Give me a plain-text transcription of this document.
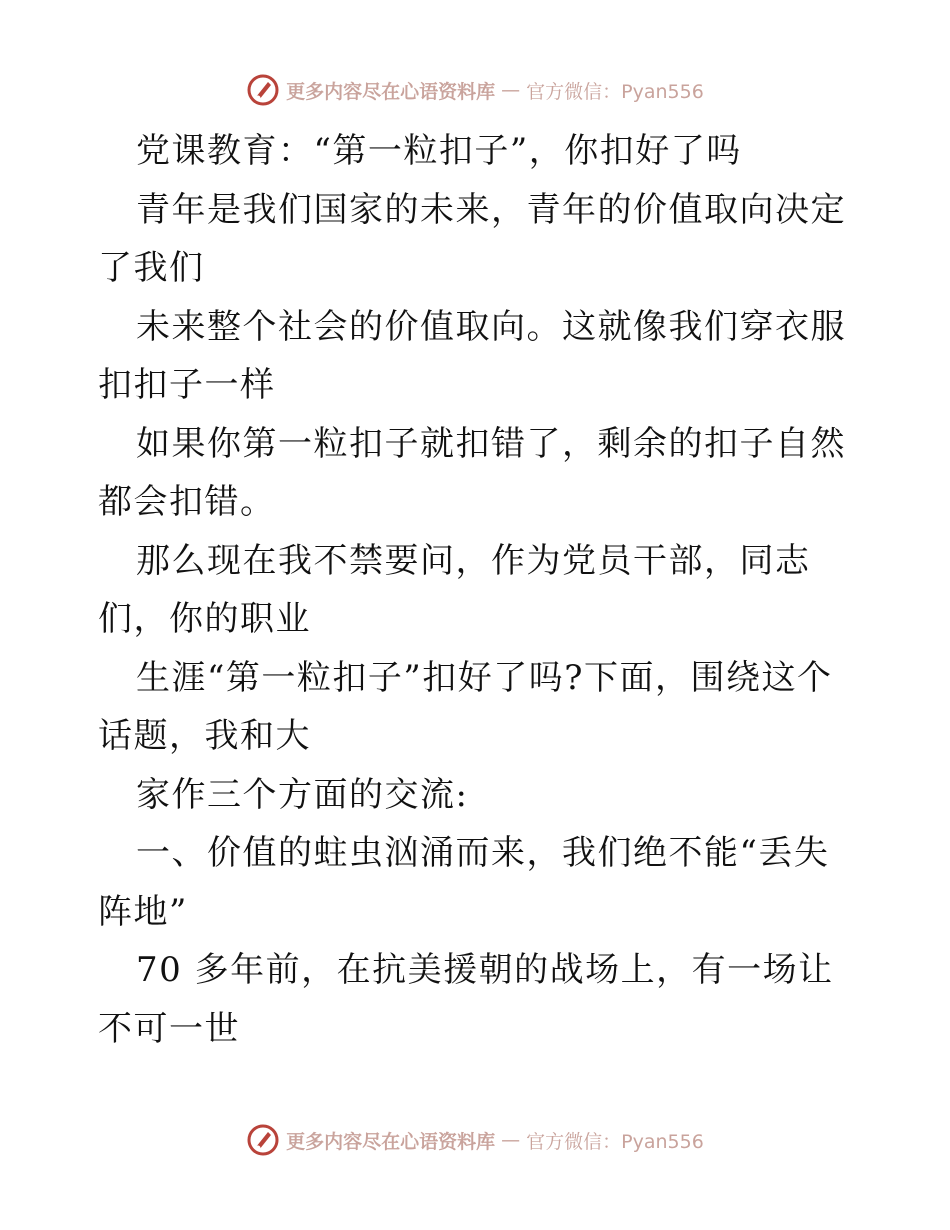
更多内容尽在心语资料库 — 官方微信：Pyan556

党课教育：“第一粒扣子”，你扣好了吗

青年是我们国家的未来，青年的价值取向决定了我们

未来整个社会的价值取向。这就像我们穿衣服扣扣子一样

如果你第一粒扣子就扣错了，剩余的扣子自然都会扣错。

那么现在我不禁要问，作为党员干部，同志们，你的职业

生涯“第一粒扣子”扣好了吗?下面，围绕这个话题，我和大

家作三个方面的交流:

一、价值的蛀虫汹涌而来，我们绝不能“丢失阵地”

70 多年前，在抗美援朝的战场上，有一场让不可一世

更多内容尽在心语资料库 — 官方微信：Pyan556
